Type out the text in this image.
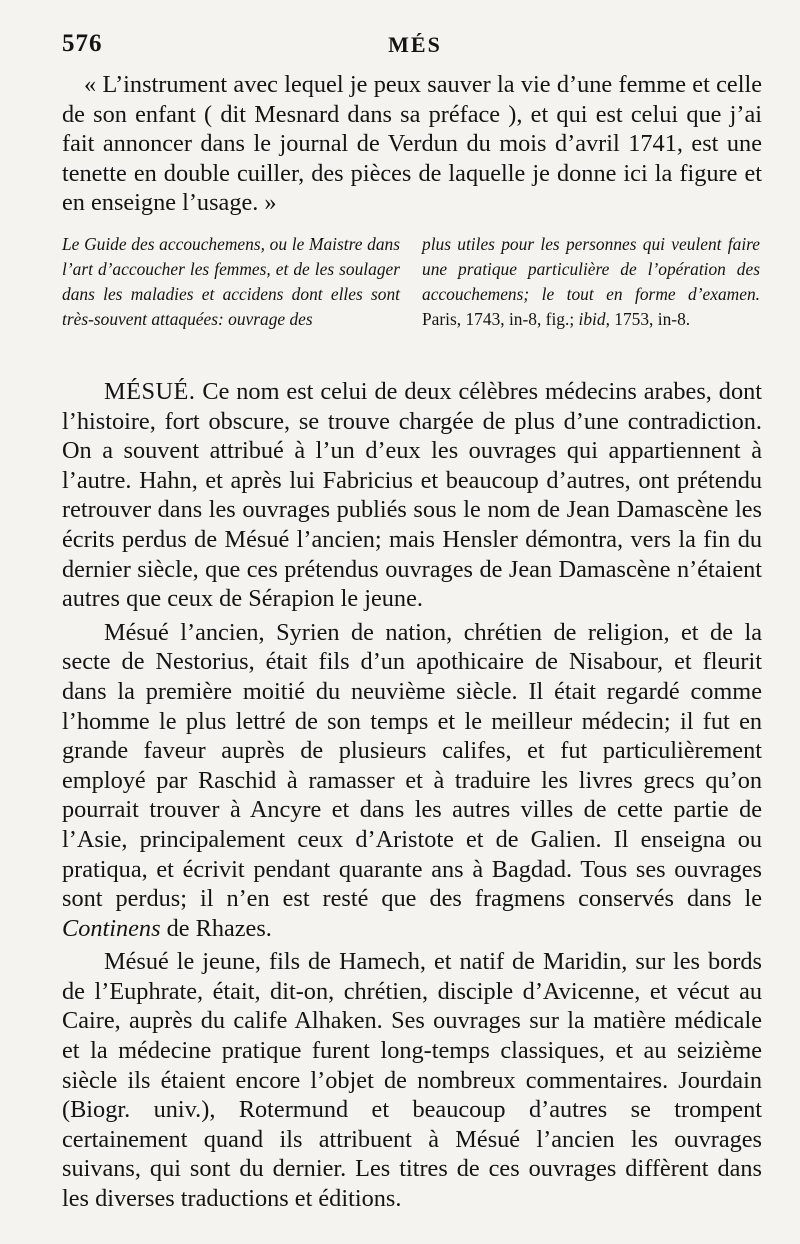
576	MÉS

« L’instrument avec lequel je peux sauver la vie d’une femme et celle de son enfant ( dit Mesnard dans sa préface ), et qui est celui que j’ai fait annoncer dans le journal de Verdun du mois d’avril 1741, est une tenette en double cuiller, des pièces de laquelle je donne ici la figure et en enseigne l’usage. »

Le Guide des accouchemens, ou le Maistre dans l’art d’accoucher les femmes, et de les soulager dans les maladies et accidens dont elles sont très-souvent attaquées: ouvrage des

plus utiles pour les personnes qui veulent faire une pratique particulière de l’opération des accouchemens; le tout en forme d’examen. Paris, 1743, in-8, fig.; ibid, 1753, in-8.

MÉSUÉ. Ce nom est celui de deux célèbres médecins arabes, dont l’histoire, fort obscure, se trouve chargée de plus d’une contradiction. On a souvent attribué à l’un d’eux les ouvrages qui appartiennent à l’autre. Hahn, et après lui Fabricius et beaucoup d’autres, ont prétendu retrouver dans les ouvrages publiés sous le nom de Jean Damascène les écrits perdus de Mésué l’ancien; mais Hensler démontra, vers la fin du dernier siècle, que ces prétendus ouvrages de Jean Damascène n’étaient autres que ceux de Sérapion le jeune.

Mésué l’ancien, Syrien de nation, chrétien de religion, et de la secte de Nestorius, était fils d’un apothicaire de Nisabour, et fleurit dans la première moitié du neuvième siècle. Il était regardé comme l’homme le plus lettré de son temps et le meilleur médecin; il fut en grande faveur auprès de plusieurs califes, et fut particulièrement employé par Raschid à ramasser et à traduire les livres grecs qu’on pourrait trouver à Ancyre et dans les autres villes de cette partie de l’Asie, principalement ceux d’Aristote et de Galien. Il enseigna ou pratiqua, et écrivit pendant quarante ans à Bagdad. Tous ses ouvrages sont perdus; il n’en est resté que des fragmens conservés dans le Continens de Rhazes.

Mésué le jeune, fils de Hamech, et natif de Maridin, sur les bords de l’Euphrate, était, dit-on, chrétien, disciple d’Avicenne, et vécut au Caire, auprès du calife Alhaken. Ses ouvrages sur la matière médicale et la médecine pratique furent long-temps classiques, et au seizième siècle ils étaient encore l’objet de nombreux commentaires. Jourdain (Biogr. univ.), Rotermund et beaucoup d’autres se trompent certainement quand ils attribuent à Mésué l’ancien les ouvrages suivans, qui sont du dernier. Les titres de ces ouvrages diffèrent dans les diverses traductions et éditions.
